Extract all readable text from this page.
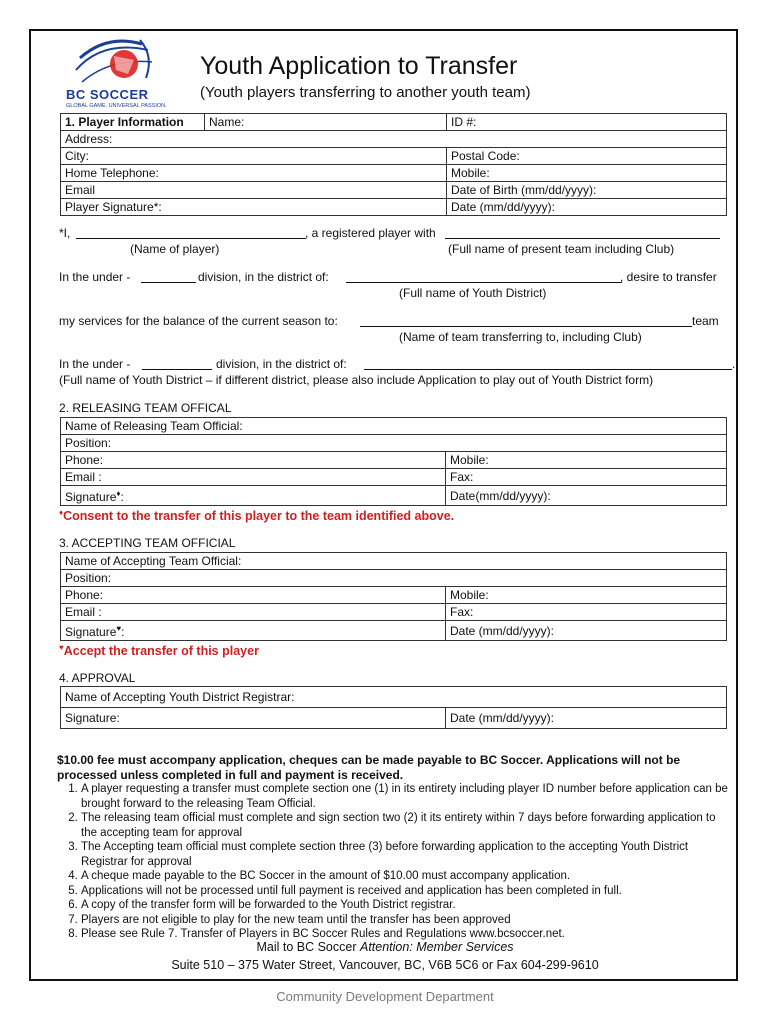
BC SOCCER
GLOBAL GAME. UNIVERSAL PASSION.
Youth Application to Transfer
(Youth players transferring to another youth team)
1. Player Information	Name:	ID #:
Address:		
City:		Postal Code:
Home Telephone:		Mobile:
Email		Date of Birth (mm/dd/yyyy):
Player Signature*:		Date (mm/dd/yyyy):
*I,	, a registered player with
(Name of player)	(Full name of present team including Club)
In the under -	division, in the district of:	, desire to transfer
(Full name of Youth District)
my services for the balance of the current season to:	team
(Name of team transferring to, including Club)
In the under -	division, in the district of:	.
(Full name of Youth District – if different district, please also include Application to play out of Youth District form)
2. RELEASING TEAM OFFICAL
Name of Releasing Team Official:	
Position:	
Phone:	Mobile:
Email :	Fax:
Signature♦:	Date(mm/dd/yyyy):
♦Consent to the transfer of this player to the team identified above.
3. ACCEPTING TEAM OFFICIAL
Name of Accepting Team Official:	
Position:	
Phone:	Mobile:
Email :	Fax:
Signature♥:	Date (mm/dd/yyyy):
♥Accept the transfer of this player
4. APPROVAL
Name of Accepting Youth District Registrar:
Signature:	Date (mm/dd/yyyy):
$10.00 fee must accompany application, cheques can be made payable to BC Soccer. Applications will not be processed unless completed in full and payment is received.
1. A player requesting a transfer must complete section one (1) in its entirety including player ID number before application can be brought forward to the releasing Team Official.
2. The releasing team official must complete and sign section two (2) it its entirety within 7 days before forwarding application to the accepting team for approval
3. The Accepting team official must complete section three (3) before forwarding application to the accepting Youth District Registrar for approval
4. A cheque made payable to the BC Soccer in the amount of $10.00 must accompany application.
5. Applications will not be processed until full payment is received and application has been completed in full.
6. A copy of the transfer form will be forwarded to the Youth District registrar.
7. Players are not eligible to play for the new team until the transfer has been approved
8. Please see Rule 7. Transfer of Players in BC Soccer Rules and Regulations www.bcsoccer.net.
Mail to BC Soccer Attention: Member Services
Suite 510 – 375 Water Street, Vancouver, BC, V6B 5C6 or Fax 604-299-9610
Community Development Department
